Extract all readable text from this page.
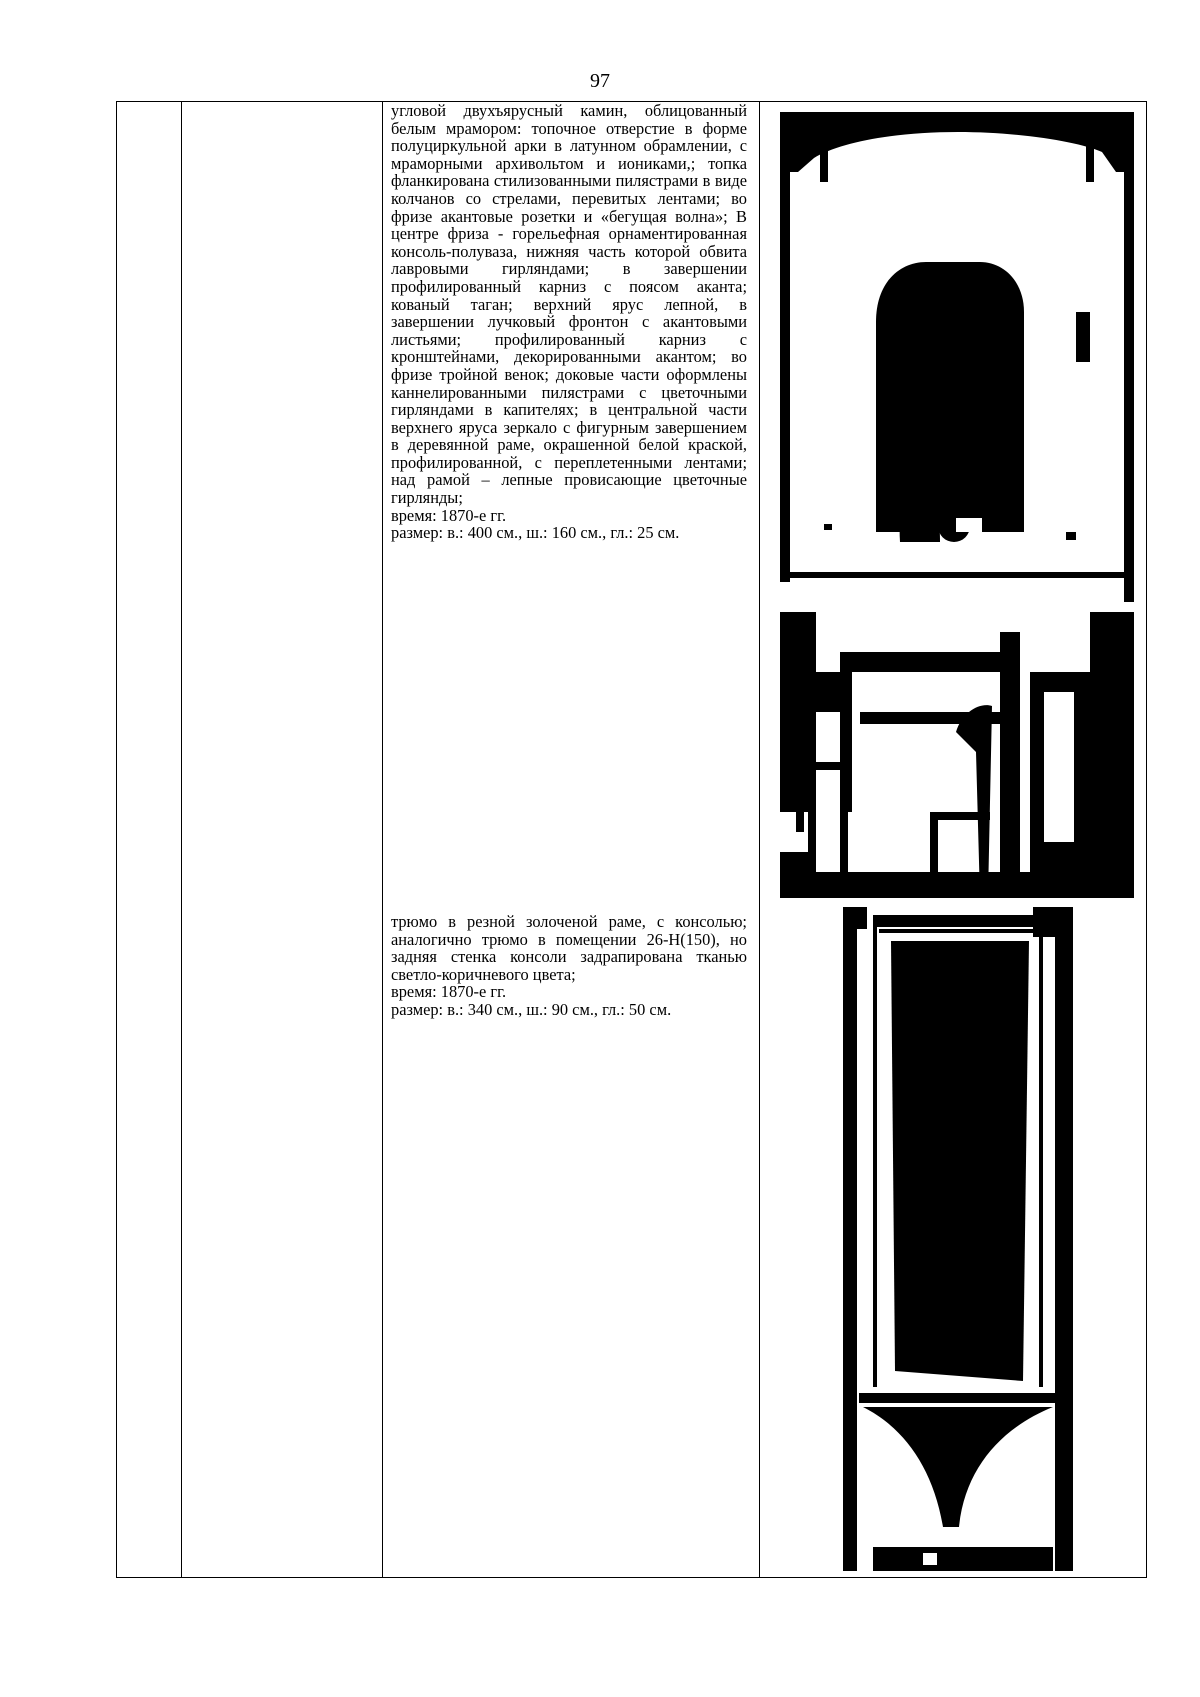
97

угловой двухъярусный камин, облицованный белым мрамором: топочное отверстие в форме полуциркульной арки в латунном обрамлении, с мраморными архивольтом и иониками,; топка фланкирована стилизованными пилястрами в виде колчанов со стрелами, перевитых лентами; во фризе акантовые розетки и «бегущая волна»; В центре фриза - горельефная орнаментированная консоль-полуваза, нижняя часть которой обвита лавровыми гирляндами; в завершении профилированный карниз с поясом аканта; кованый таган; верхний ярус лепной, в завершении лучковый фронтон с акантовыми листьями; профилированный карниз с кронштейнами, декорированными акантом; во фризе тройной венок; доковые части оформлены каннелированными пилястрами с цветочными гирляндами в капителях; в центральной части верхнего яруса зеркало с фигурным завершением в деревянной раме, окрашенной белой краской, профилированной, с переплетенными лентами; над рамой – лепные провисающие цветочные гирлянды;

время: 1870-е гг.

размер: в.: 400 см., ш.: 160 см., гл.: 25 см.

трюмо в резной золоченой раме, с консолью; аналогично трюмо в помещении 26-Н(150), но задняя стенка консоли задрапирована тканью светло-коричневого цвета;

время: 1870-е гг.

размер: в.: 340 см., ш.: 90 см., гл.: 50 см.
